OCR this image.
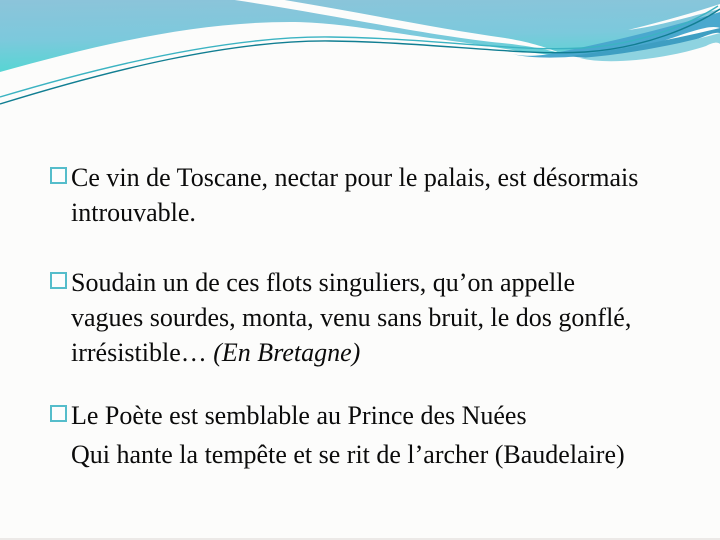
Ce vin de Toscane, nectar pour le palais, est désormais
introuvable.
Soudain un de ces flots singuliers, qu’on appelle
vagues sourdes, monta, venu sans bruit, le dos gonflé,
irrésistible… (En Bretagne)
Le Poète est semblable au Prince des Nuées
Qui hante la tempête et se rit de l’archer (Baudelaire)
